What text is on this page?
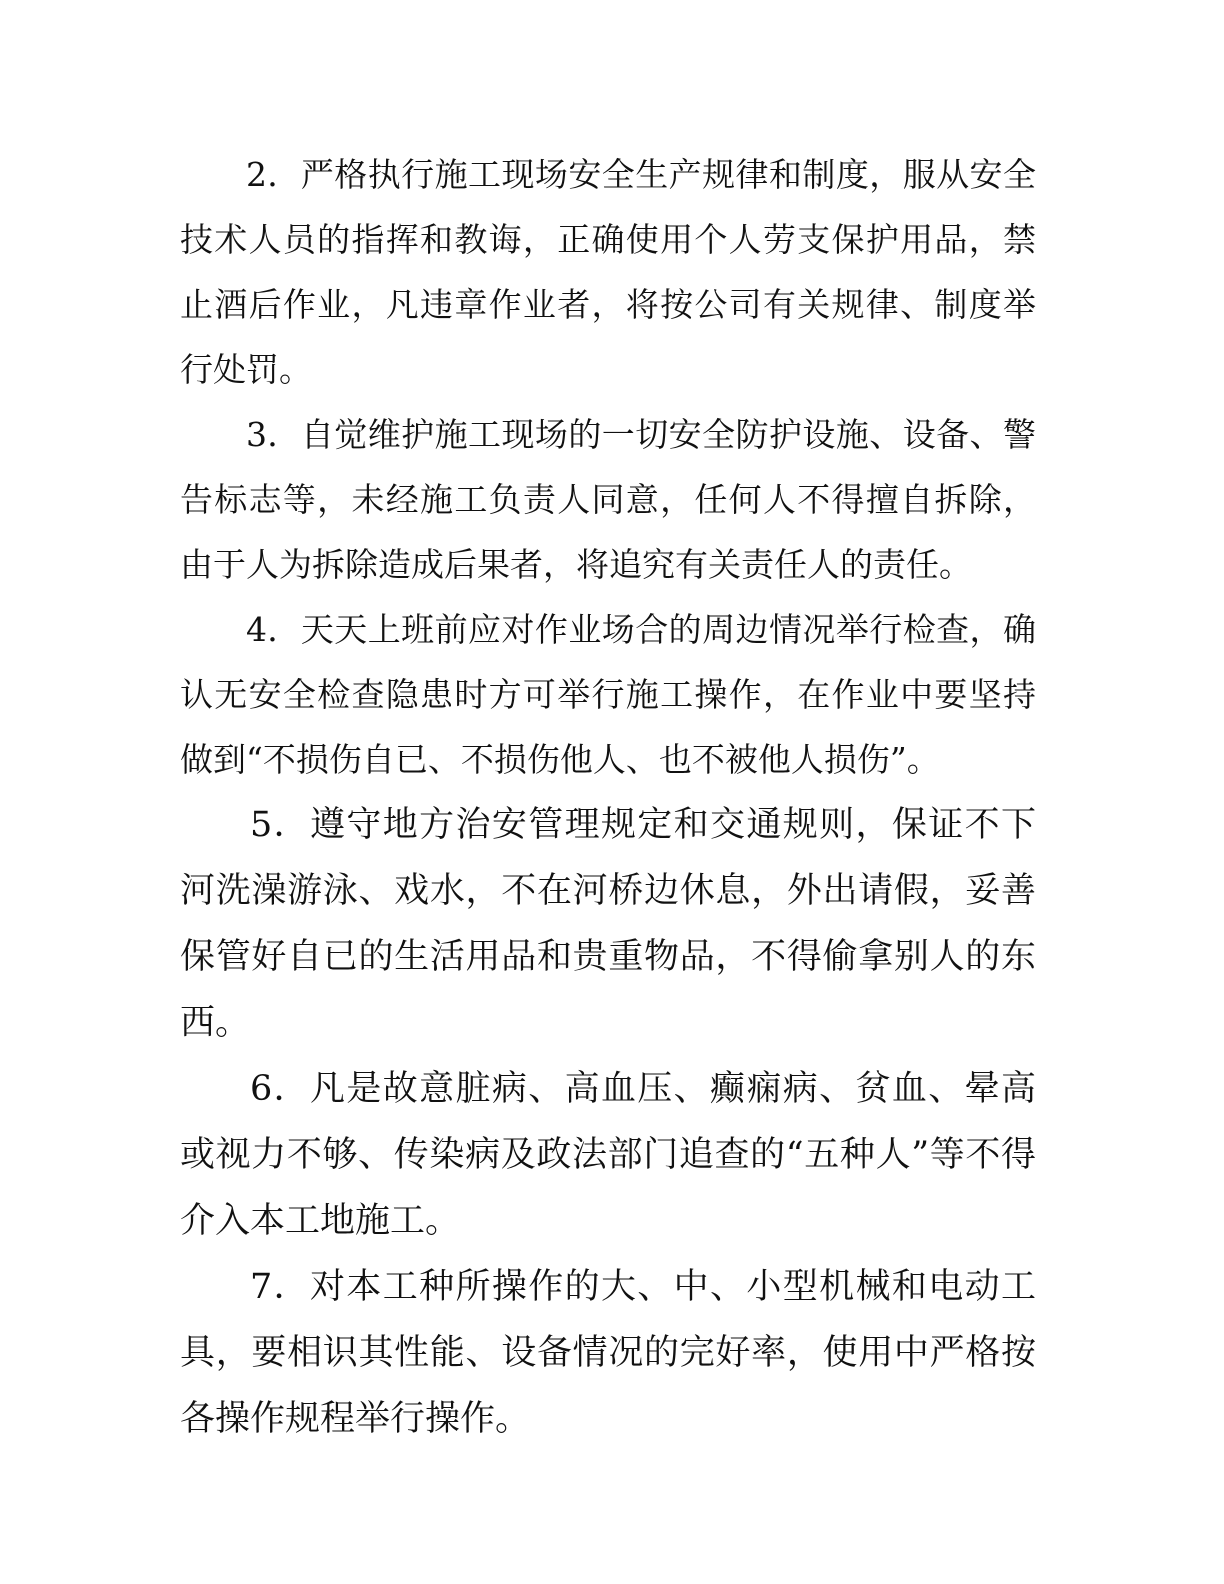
2．严格执行施工现场安全生产规律和制度，服从安全技术人员的指挥和教诲，正确使用个人劳支保护用品，禁止酒后作业，凡违章作业者，将按公司有关规律、制度举行处罚。

3．自觉维护施工现场的一切安全防护设施、设备、警告标志等，未经施工负责人同意，任何人不得擅自拆除，由于人为拆除造成后果者，将追究有关责任人的责任。

4．天天上班前应对作业场合的周边情况举行检查，确认无安全检查隐患时方可举行施工操作，在作业中要坚持做到“不损伤自已、不损伤他人、也不被他人损伤”。

5．遵守地方治安管理规定和交通规则，保证不下河洗澡游泳、戏水，不在河桥边休息，外出请假，妥善保管好自已的生活用品和贵重物品，不得偷拿别人的东西。

6．凡是故意脏病、高血压、癫痫病、贫血、晕高或视力不够、传染病及政法部门追查的“五种人”等不得介入本工地施工。

7．对本工种所操作的大、中、小型机械和电动工具，要相识其性能、设备情况的完好率，使用中严格按各操作规程举行操作。
